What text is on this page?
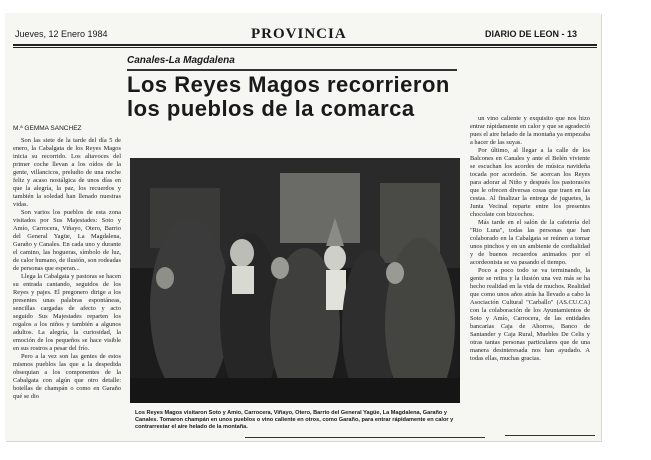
Jueves, 12 Enero 1984	PROVINCIA	DIARIO DE LEON - 13
Canales-La Magdalena
Los Reyes Magos recorrieron los pueblos de la comarca
M.ª GEMMA SANCHEZ

Son las siete de la tarde del día 5 de enero, la Cabalgata de los Reyes Magos inicia su recorrido. Los altavoces del primer coche llevan a los oídos de la gente, villancicos, preludio de una noche feliz y acaso nostálgica de unos días en que la alegría, la paz, los recuerdos y también la soledad han llenado nuestras vidas.

Son varios los pueblos de esta zona visitados por Sus Majestades: Soto y Amío, Carrocera, Viñayo, Otero, Barrio del General Yagüe, La Magdalena, Garaño y Canales. En cada uno y durante el camino, las hogueras, símbolo de luz, de calor humano, de ilusión, son rodeadas de personas que esperan...

Llega la Cabalgata y pastoras se hacen su entrada cantando, seguidos de los Reyes y pajes. El pregonero dirige a los presentes unas palabras espontáneas, sencillas cargadas de afecto y acto seguido Sus Majestades reparten los regalos a los niños y también a algunos adultos. La alegría, la curiosidad, la emoción de los pequeños se hace visible en sus rostros a pesar del frío.

Pero a la vez son las gentes de estos mismos pueblos las que a la despedida obsequian a los componentes de la Cabalgata con algún que otro detalle: botellas de champán o como en Garaño qué se dio

Los Reyes Magos visitaron Soto y Amio, Carrocera, Viñayo, Otero, Barrio del General Yagüe, La Magdalena, Garaño y Canales. Tomaron champán en unos pueblos o vino caliente en otros, como Garaño, para entrar rápidamente en calor y contrarrestar el aire helado de la montaña.

un vino caliente y exquisito que nos hizo entrar rápidamente en calor y que se agradeció pues el aire helado de la montaña ya empezaba a hacer de las suyas.

Por último, al llegar a la calle de los Balcones en Canales y ante el Belén viviente se escuchan los acordes de música navideña tocada por acordeón. Se acercan los Reyes para adorar al Niño y después los pastoras/es que le ofrecen diversas cosas que traen en las cestas. Al finalizar la entrega de juguetes, la Junta Vecinal reparte entre los presentes chocolate con bizcochos.

Más tarde en el salón de la cafetería del "Rio Luna", todas las personas que han colaborado en la Cabalgata se reúnen a tomar unos pinchos y en un ambiente de cordialidad y de buenos recuerdos animados por el acordeonista se va pasando el tiempo.

Poco a poco todo se va terminando, la gente se retira y la ilusión una vez más se ha hecho realidad en la vida de muchos. Realidad que como unos años atrás ha llevado a cabo la Asociación Cultural "Carballo" (AS.CU.CA) con la colaboración de los Ayuntamientos de Soto y Amío, Carrocera, de las entidades bancarias Caja de Ahorros, Banco de Santander y Caja Rural, Muebles De Celis y otras tantas personas particulares que de una manera desinteresada nos han ayudado. A todas ellas, muchas gracias.
